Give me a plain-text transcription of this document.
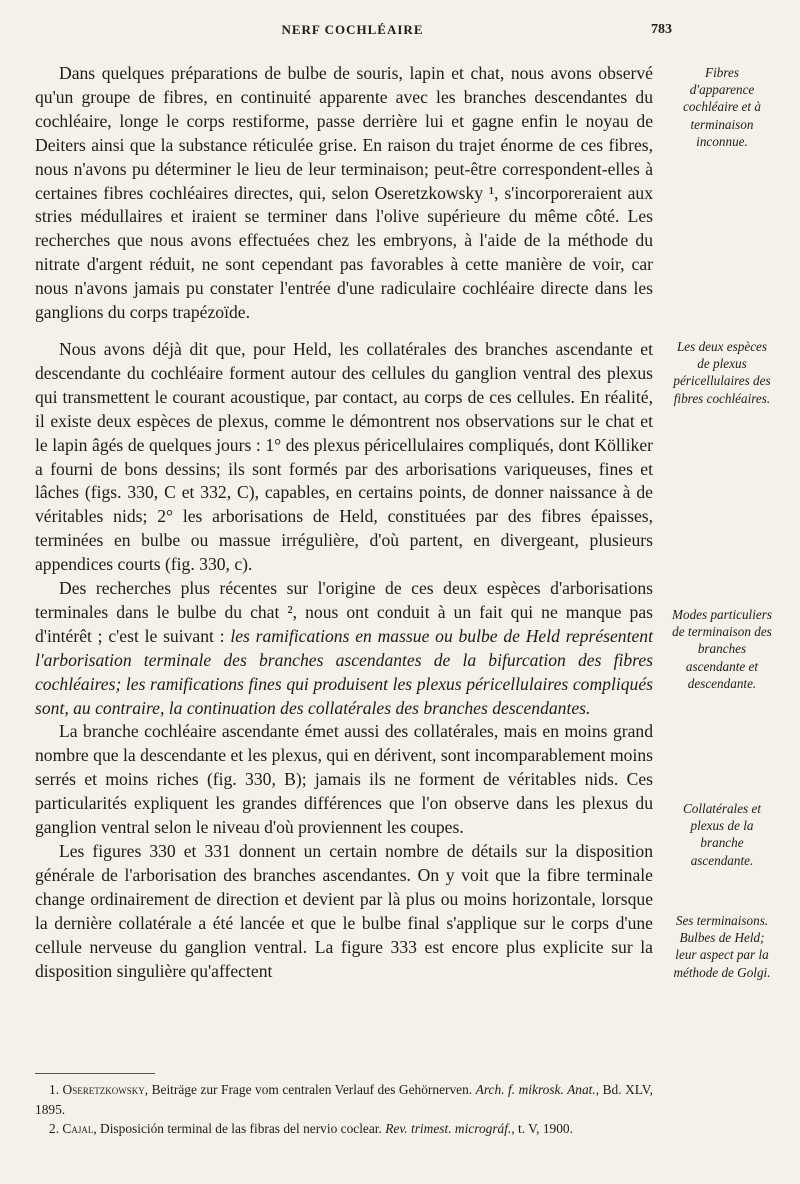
NERF COCHLÉAIRE	783

Dans quelques préparations de bulbe de souris, lapin et chat, nous avons observé qu'un groupe de fibres, en continuité apparente avec les branches descendantes du cochléaire, longe le corps restiforme, passe derrière lui et gagne enfin le noyau de Deiters ainsi que la substance réticulée grise. En raison du trajet énorme de ces fibres, nous n'avons pu déterminer le lieu de leur terminaison; peut-être correspondent-elles à certaines fibres cochléaires directes, qui, selon Oseretzkowsky ¹, s'incorporeraient aux stries médullaires et iraient se terminer dans l'olive supérieure du même côté. Les recherches que nous avons effectuées chez les embryons, à l'aide de la méthode du nitrate d'argent réduit, ne sont cependant pas favorables à cette manière de voir, car nous n'avons jamais pu constater l'entrée d'une radiculaire cochléaire directe dans les ganglions du corps trapézoïde.

Nous avons déjà dit que, pour Held, les collatérales des branches ascendante et descendante du cochléaire forment autour des cellules du ganglion ventral des plexus qui transmettent le courant acoustique, par contact, au corps de ces cellules. En réalité, il existe deux espèces de plexus, comme le démontrent nos observations sur le chat et le lapin âgés de quelques jours : 1° des plexus péricellulaires compliqués, dont Kölliker a fourni de bons dessins; ils sont formés par des arborisations variqueuses, fines et lâches (figs. 330, C et 332, C), capables, en certains points, de donner naissance à de véritables nids; 2° les arborisations de Held, constituées par des fibres épaisses, terminées en bulbe ou massue irrégulière, d'où partent, en divergeant, plusieurs appendices courts (fig. 330, c).

Des recherches plus récentes sur l'origine de ces deux espèces d'arborisations terminales dans le bulbe du chat ², nous ont conduit à un fait qui ne manque pas d'intérêt ; c'est le suivant : les ramifications en massue ou bulbe de Held représentent l'arborisation terminale des branches ascendantes de la bifurcation des fibres cochléaires; les ramifications fines qui produisent les plexus péricellulaires compliqués sont, au contraire, la continuation des collatérales des branches descendantes.

La branche cochléaire ascendante émet aussi des collatérales, mais en moins grand nombre que la descendante et les plexus, qui en dérivent, sont incomparablement moins serrés et moins riches (fig. 330, B); jamais ils ne forment de véritables nids. Ces particularités expliquent les grandes différences que l'on observe dans les plexus du ganglion ventral selon le niveau d'où proviennent les coupes.

Les figures 330 et 331 donnent un certain nombre de détails sur la disposition générale de l'arborisation des branches ascendantes. On y voit que la fibre terminale change ordinairement de direction et devient par là plus ou moins horizontale, lorsque la dernière collatérale a été lancée et que le bulbe final s'applique sur le corps d'une cellule nerveuse du ganglion ventral. La figure 333 est encore plus explicite sur la disposition singulière qu'affectent

Fibres d'apparence cochléaire et à terminaison inconnue.
Les deux espèces de plexus péricellulaires des fibres cochléaires.
Modes particuliers de terminaison des branches ascendante et descendante.
Collatérales et plexus de la branche ascendante.
Ses terminaisons. Bulbes de Held; leur aspect par la méthode de Golgi.

1. Oseretzkowsky, Beiträge zur Frage vom centralen Verlauf des Gehörnerven. Arch. f. mikrosk. Anat., Bd. XLV, 1895.

2. Cajal, Disposición terminal de las fibras del nervio coclear. Rev. trimest. micrográf., t. V, 1900.
